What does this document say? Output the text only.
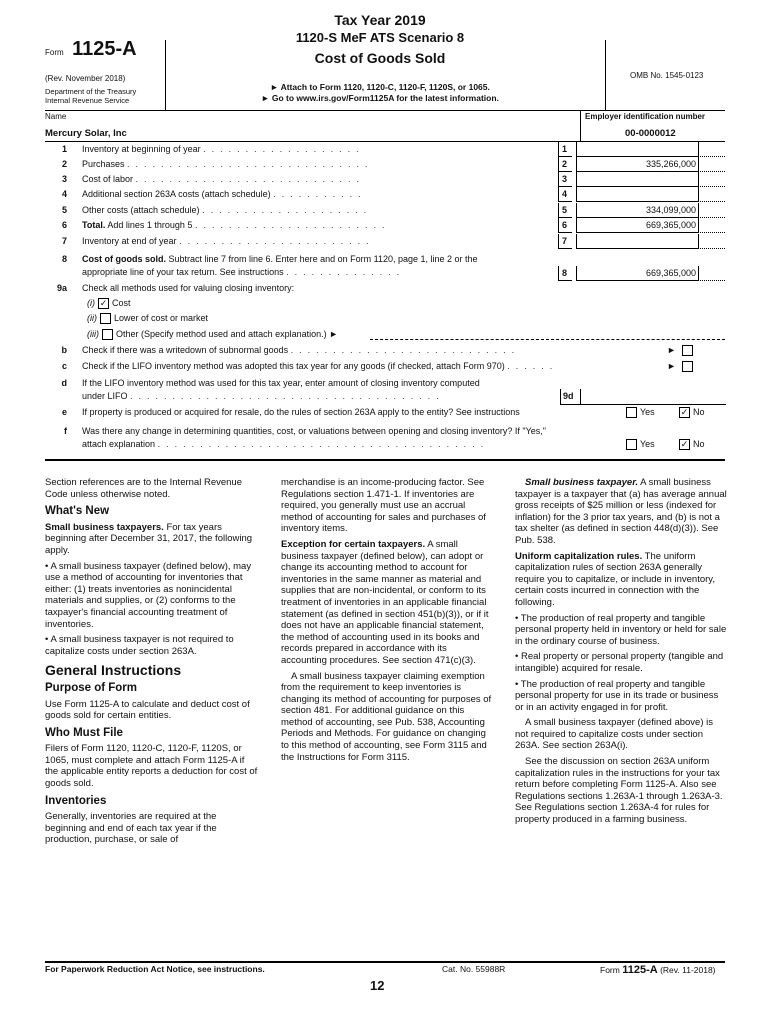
Form 1125-A
(Rev. November 2018)
Department of the Treasury Internal Revenue Service
Tax Year 2019
1120-S MeF ATS Scenario 8
Cost of Goods Sold
► Attach to Form 1120, 1120-C, 1120-F, 1120S, or 1065.
► Go to www.irs.gov/Form1125A for the latest information.
OMB No. 1545-0123
Name	Employer identification number
Mercury Solar, Inc	00-0000012
1 Inventory at beginning of year ...................	1
2 Purchases .............................	2	335,266,000
3 Cost of labor ...........................	3
4 Additional section 263A costs (attach schedule) ...........	4
5 Other costs (attach schedule) ....................	5	334,099,000
6 Total. Add lines 1 through 5 .......................	6	669,365,000
7 Inventory at end of year .......................	7
8 Cost of goods sold. Subtract line 7 from line 6. Enter here and on Form 1120, page 1, line 2 or the
appropriate line of your tax return. See instructions ..............	8	669,365,000
9a Check all methods used for valuing closing inventory:
(i) ✓ Cost
(ii) Lower of cost or market
(iii) Other (Specify method used and attach explanation.) ►
b Check if there was a writedown of subnormal goods ...........................	►
c Check if the LIFO inventory method was adopted this tax year for any goods (if checked, attach Form 970) ......	►
d If the LIFO inventory method was used for this tax year, enter amount of closing inventory computed
under LIFO .....................................	9d
e If property is produced or acquired for resale, do the rules of section 263A apply to the entity? See instructions	Yes	✓ No
f Was there any change in determining quantities, cost, or valuations between opening and closing inventory? If "Yes,"
attach explanation .......................................	Yes	✓ No

Section references are to the Internal Revenue Code unless otherwise noted.

What's New

Small business taxpayers. For tax years beginning after December 31, 2017, the following apply.

• A small business taxpayer (defined below), may use a method of accounting for inventories that either: (1) treats inventories as nonincidental materials and supplies, or (2) conforms to the taxpayer's financial accounting treatment of inventories.

• A small business taxpayer is not required to capitalize costs under section 263A.

General Instructions
Purpose of Form

Use Form 1125-A to calculate and deduct cost of goods sold for certain entities.

Who Must File

Filers of Form 1120, 1120-C, 1120-F, 1120S, or 1065, must complete and attach Form 1125-A if the applicable entity reports a deduction for cost of goods sold.

Inventories

Generally, inventories are required at the beginning and end of each tax year if the production, purchase, or sale of

merchandise is an income-producing factor. See Regulations section 1.471-1. If inventories are required, you generally must use an accrual method of accounting for sales and purchases of inventory items.

Exception for certain taxpayers. A small business taxpayer (defined below), can adopt or change its accounting method to account for inventories in the same manner as material and supplies that are non-incidental, or conform to its treatment of inventories in an applicable financial statement (as defined in section 451(b)(3)), or if it does not have an applicable financial statement, the method of accounting used in its books and records prepared in accordance with its accounting procedures. See section 471(c)(3).

A small business taxpayer claiming exemption from the requirement to keep inventories is changing its method of accounting for purposes of section 481. For additional guidance on this method of accounting, see Pub. 538, Accounting Periods and Methods. For guidance on changing to this method of accounting, see Form 3115 and the Instructions for Form 3115.

Small business taxpayer. A small business taxpayer is a taxpayer that (a) has average annual gross receipts of $25 million or less (indexed for inflation) for the 3 prior tax years, and (b) is not a tax shelter (as defined in section 448(d)(3)). See Pub. 538.

Uniform capitalization rules. The uniform capitalization rules of section 263A generally require you to capitalize, or include in inventory, certain costs incurred in connection with the following.

• The production of real property and tangible personal property held in inventory or held for sale in the ordinary course of business.

• Real property or personal property (tangible and intangible) acquired for resale.

• The production of real property and tangible personal property for use in its trade or business or in an activity engaged in for profit.

A small business taxpayer (defined above) is not required to capitalize costs under section 263A. See section 263A(i).

See the discussion on section 263A uniform capitalization rules in the instructions for your tax return before completing Form 1125-A. Also see Regulations sections 1.263A-1 through 1.263A-3. See Regulations section 1.263A-4 for rules for property produced in a farming business.

For Paperwork Reduction Act Notice, see instructions.	Cat. No. 55988R	Form 1125-A (Rev. 11-2018)
12
